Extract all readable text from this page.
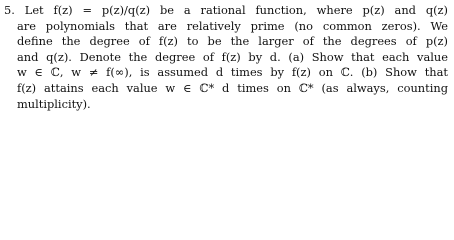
5. Let f(z) = p(z)/q(z) be a rational function, where p(z) and q(z)
are polynomials that are relatively prime (no common zeros). We
define the degree of f(z) to be the larger of the degrees of p(z)
and q(z). Denote the degree of f(z) by d. (a) Show that each value
w ∈ ℂ, w ≠ f(∞), is assumed d times by f(z) on ℂ. (b) Show that
f(z) attains each value w ∈ ℂ* d times on ℂ* (as always, counting
multiplicity).
